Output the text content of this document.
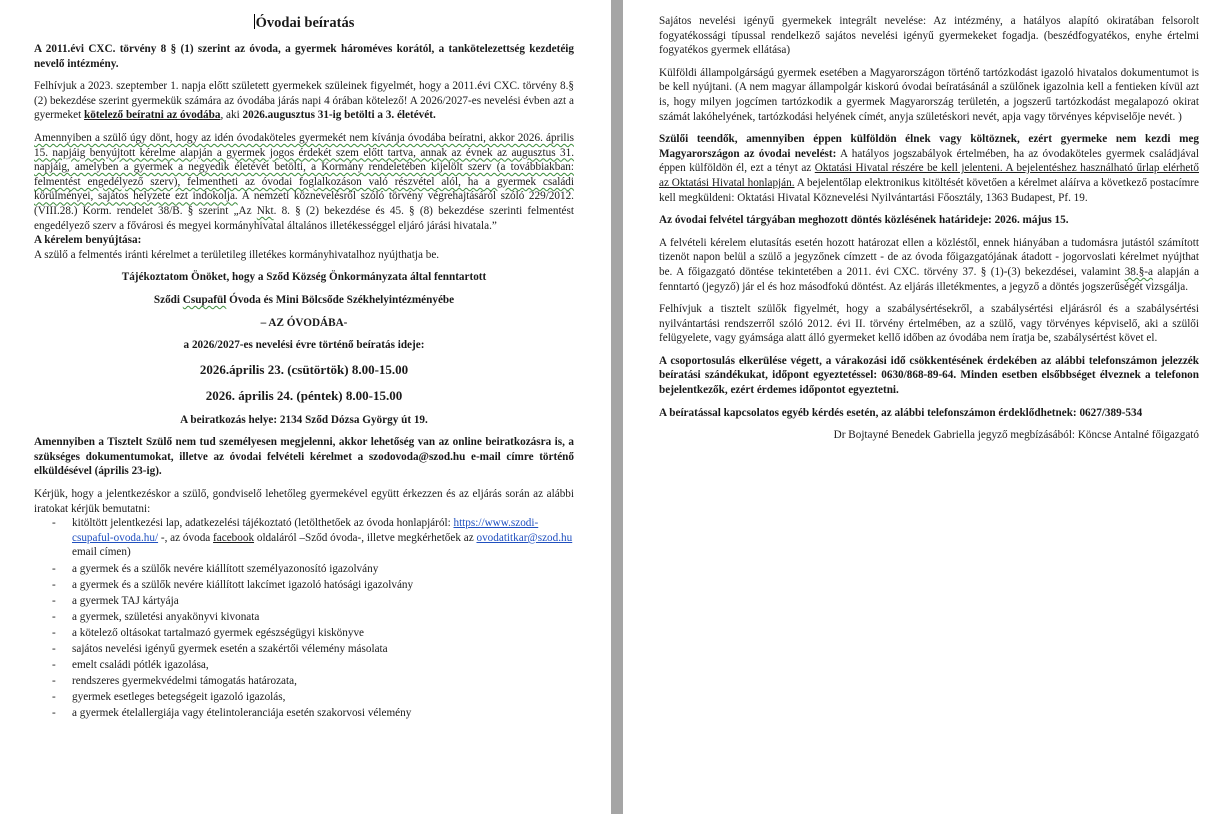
Óvodai beíratás

A 2011.évi CXC. törvény 8 § (1) szerint az óvoda, a gyermek hároméves korától, a tankötelezettség kezdetéig nevelő intézmény.

Felhívjuk a 2023. szeptember 1. napja előtt született gyermekek szüleinek figyelmét, hogy a 2011.évi CXC. törvény 8.§ (2) bekezdése szerint gyermekük számára az óvodába járás napi 4 órában kötelező! A 2026/2027-es nevelési évben azt a gyermeket kötelező beíratni az óvodába, aki 2026.augusztus 31-ig betölti a 3. életévét.

Amennyiben a szülő úgy dönt, hogy az idén óvodaköteles gyermekét nem kívánja óvodába beíratni, akkor 2026. április 15. napjáig benyújtott kérelme alapján a gyermek jogos érdekét szem előtt tartva, annak az évnek az augusztus 31. napjáig, amelyben a gyermek a negyedik életévét betölti, a Kormány rendeletében kijelölt szerv (a továbbiakban: felmentést engedélyező szerv), felmentheti az óvodai foglalkozáson való részvétel alól, ha a gyermek családi körülményei, sajátos helyzete ezt indokolja. A nemzeti köznevelésről szóló törvény végrehajtásáról szóló 229/2012. (VIII.28.) Korm. rendelet 38/B. § szerint „Az Nkt. 8. § (2) bekezdése és 45. § (8) bekezdése szerinti felmentést engedélyező szerv a fővárosi és megyei kormányhivatal általános illetékességgel eljáró járási hivatala.”

A kérelem benyújtása:

A szülő a felmentés iránti kérelmet a területileg illetékes kormányhivatalhoz nyújthatja be.

Tájékoztatom Önöket, hogy a Sződ Község Önkormányzata által fenntartott

Sződi Csupafül Óvoda és Mini Bölcsőde Székhelyintézményébe

– AZ ÓVODÁBA-

a 2026/2027-es nevelési évre történő beíratás ideje:

2026.április 23. (csütörtök) 8.00-15.00
2026. április 24. (péntek) 8.00-15.00

A beiratkozás helye: 2134 Sződ Dózsa György út 19.

Amennyiben a Tisztelt Szülő nem tud személyesen megjelenni, akkor lehetőség van az online beiratkozásra is, a szükséges dokumentumokat, illetve az óvodai felvételi kérelmet a szodovoda@szod.hu e-mail címre történő elküldésével (április 23-ig).

Kérjük, hogy a jelentkezéskor a szülő, gondviselő lehetőleg gyermekével együtt érkezzen és az eljárás során az alábbi iratokat kérjük bemutatni:

- kitöltött jelentkezési lap, adatkezelési tájékoztató (letölthetőek az óvoda honlapjáról: https://www.szodi-csupaful-ovoda.hu/ -, az óvoda facebook oldaláról –Sződ óvoda-, illetve megkérhetőek az ovodatitkar@szod.hu email címen)
- a gyermek és a szülők nevére kiállított személyazonosító igazolvány
- a gyermek és a szülők nevére kiállított lakcímet igazoló hatósági igazolvány
- a gyermek TAJ kártyája
- a gyermek, születési anyakönyvi kivonata
- a kötelező oltásokat tartalmazó gyermek egészségügyi kiskönyve
- sajátos nevelési igényű gyermek esetén a szakértői vélemény másolata
- emelt családi pótlék igazolása,
- rendszeres gyermekvédelmi támogatás határozata,
- gyermek esetleges betegségeit igazoló igazolás,
- a gyermek ételallergiája vagy ételintoleranciája esetén szakorvosi vélemény

Sajátos nevelési igényű gyermekek integrált nevelése: Az intézmény, a hatályos alapító okiratában felsorolt fogyatékossági típussal rendelkező sajátos nevelési igényű gyermekeket fogadja. (beszédfogyatékos, enyhe értelmi fogyatékos gyermek ellátása)

Külföldi állampolgárságú gyermek esetében a Magyarországon történő tartózkodást igazoló hivatalos dokumentumot is be kell nyújtani. (A nem magyar állampolgár kiskorú óvodai beíratásánál a szülőnek igazolnia kell a fentieken kívül azt is, hogy milyen jogcímen tartózkodik a gyermek Magyarország területén, a jogszerű tartózkodást megalapozó okirat számát lakóhelyének, tartózkodási helyének címét, anyja születéskori nevét, apja vagy törvényes képviselője nevét. )

Szülői teendők, amennyiben éppen külföldön élnek vagy költöznek, ezért gyermeke nem kezdi meg Magyarországon az óvodai nevelést: A hatályos jogszabályok értelmében, ha az óvodaköteles gyermek családjával éppen külföldön él, ezt a tényt az Oktatási Hivatal részére be kell jelenteni. A bejelentéshez használható űrlap elérhető az Oktatási Hivatal honlapján. A bejelentőlap elektronikus kitöltését követően a kérelmet aláírva a következő postacímre kell megküldeni: Oktatási Hivatal Köznevelési Nyilvántartási Főosztály, 1363 Budapest, Pf. 19.

Az óvodai felvétel tárgyában meghozott döntés közlésének határideje: 2026. május 15.

A felvételi kérelem elutasítás esetén hozott határozat ellen a közléstől, ennek hiányában a tudomásra jutástól számított tizenöt napon belül a szülő a jegyzőnek címzett - de az óvoda főigazgatójának átadott - jogorvoslati kérelmet nyújthat be. A főigazgató döntése tekintetében a 2011. évi CXC. törvény 37. § (1)-(3) bekezdései, valamint 38.§-a alapján a fenntartó (jegyző) jár el és hoz másodfokú döntést. Az eljárás illetékmentes, a jegyző a döntés jogszerűségét vizsgálja.

Felhívjuk a tisztelt szülők figyelmét, hogy a szabálysértésekről, a szabálysértési eljárásról és a szabálysértési nyilvántartási rendszerről szóló 2012. évi II. törvény értelmében, az a szülő, vagy törvényes képviselő, aki a szülői felügyelete, vagy gyámsága alatt álló gyermeket kellő időben az óvodába nem íratja be, szabálysértést követ el.

A csoportosulás elkerülése végett, a várakozási idő csökkentésének érdekében az alábbi telefonszámon jelezzék beíratási szándékukat, időpont egyeztetéssel: 0630/868-89-64. Minden esetben elsőbbséget élveznek a telefonon bejelentkezők, ezért érdemes időpontot egyeztetni.

A beíratással kapcsolatos egyéb kérdés esetén, az alábbi telefonszámon érdeklődhetnek: 0627/389-534

Dr Bojtayné Benedek Gabriella jegyző megbízásából: Köncse Antalné főigazgató
